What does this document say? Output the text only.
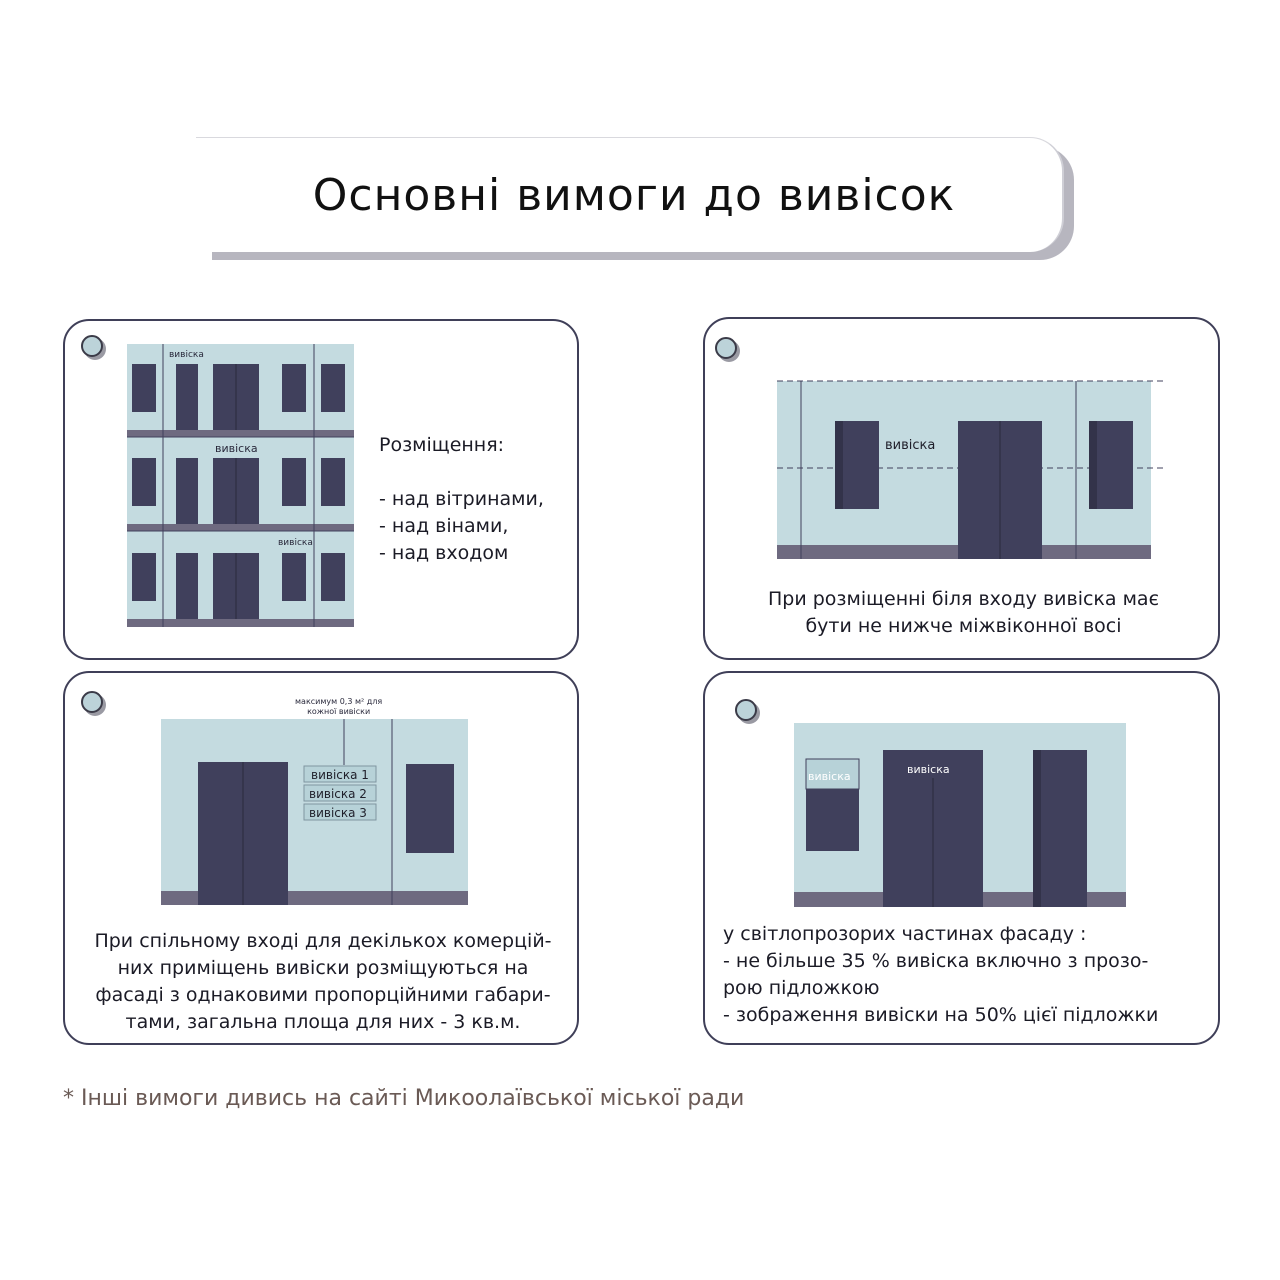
Основні вимоги до вивісок
вивіска
вивіска
вивіска
Розміщення:
- над вітринами,
- над вінами,
- над входом
вивіска
При розміщенні біля входу вивіска має
бути не нижче міжвіконної восі
вивіска 1
вивіска 2
вивіска 3
максимум 0,3 м² для
кожної вивіски
При спільному вході для декількох комерцій-
них приміщень вивіски розміщуються на
фасаді з однаковими пропорційними габари-
тами, загальна площа для них - 3 кв.м.
вивіска
вивіска
у світлопрозорих частинах фасаду :
- не більше 35 % вивіска включно з прозо-
рою підложкою
- зображення вивіски на 50% цієї підложки
* Інші вимоги дивись на сайті Микоолаївської міської ради
